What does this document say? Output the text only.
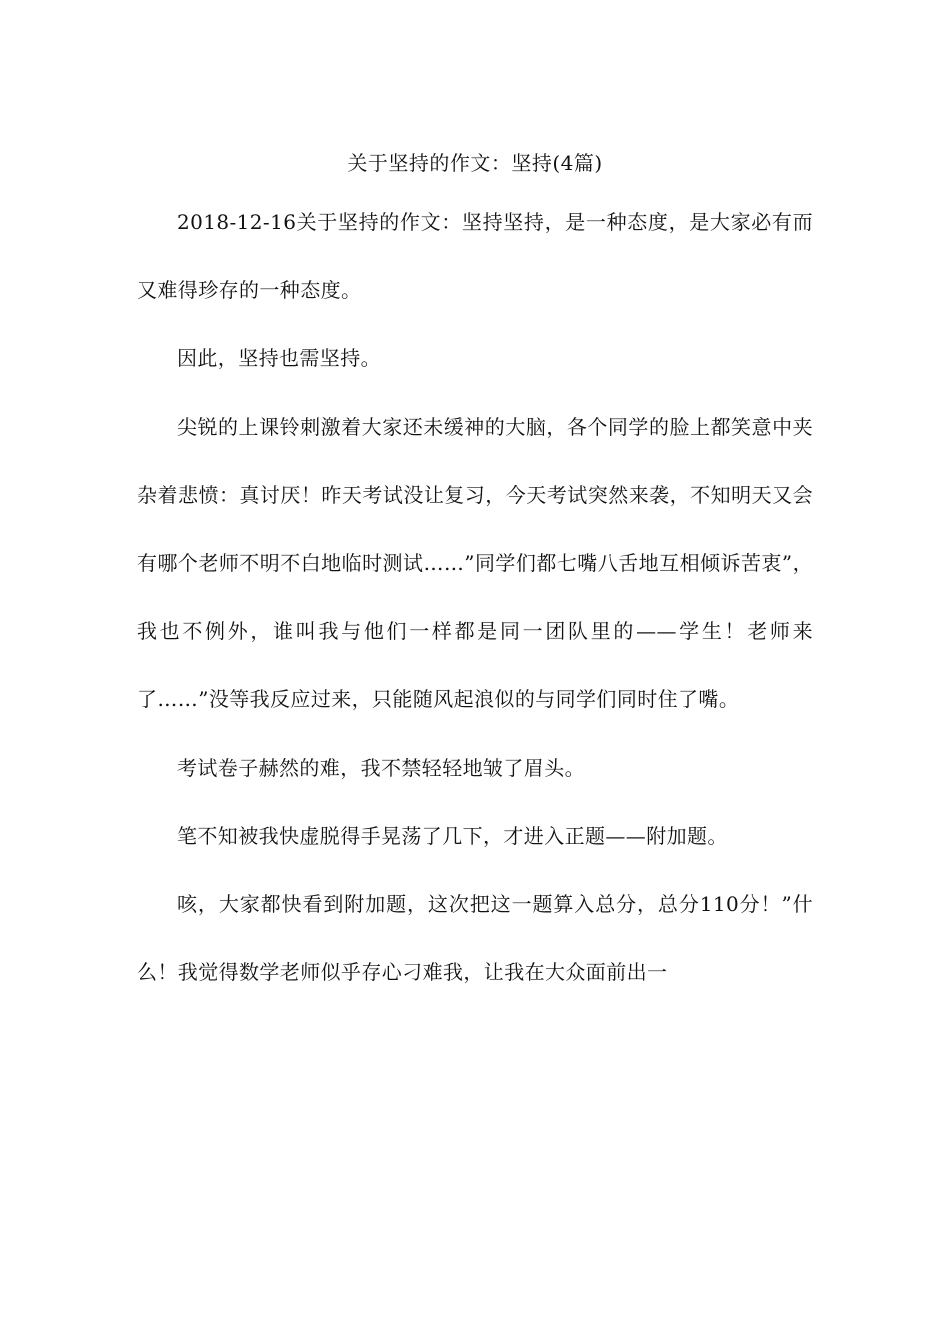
关于坚持的作文：坚持(4篇)

2018-12-16关于坚持的作文：坚持坚持，是一种态度，是大家必有而又难得珍存的一种态度。

因此，坚持也需坚持。

尖锐的上课铃刺激着大家还未缓神的大脑，各个同学的脸上都笑意中夹杂着悲愤：真讨厌！昨天考试没让复习，今天考试突然来袭，不知明天又会有哪个老师不明不白地临时测试……”同学们都七嘴八舌地互相倾诉苦衷”，我也不例外，谁叫我与他们一样都是同一团队里的——学生！老师来了……”没等我反应过来，只能随风起浪似的与同学们同时住了嘴。

考试卷子赫然的难，我不禁轻轻地皱了眉头。

笔不知被我快虚脱得手晃荡了几下，才进入正题——附加题。

咳，大家都快看到附加题，这次把这一题算入总分，总分110分！”什么！我觉得数学老师似乎存心刁难我，让我在大众面前出一
